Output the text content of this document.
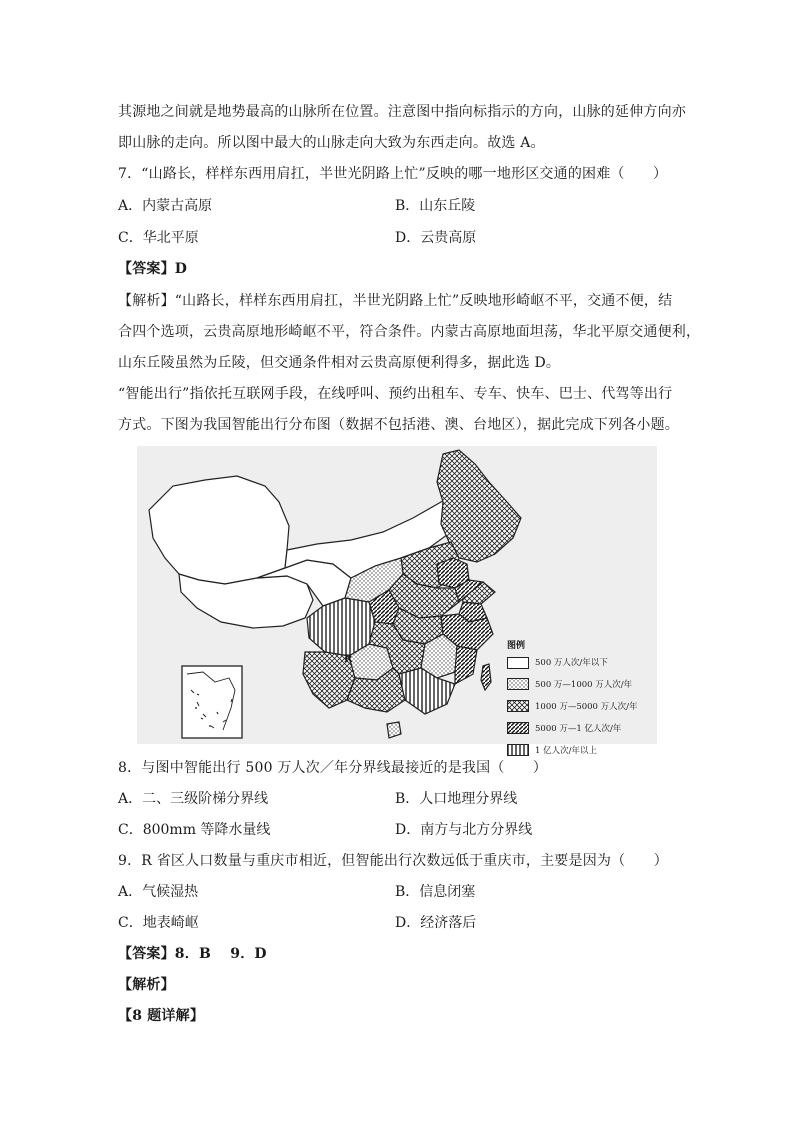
其源地之间就是地势最高的山脉所在位置。注意图中指向标指示的方向，山脉的延伸方向亦
即山脉的走向。所以图中最大的山脉走向大致为东西走向。故选 A。
7．“山路长，样样东西用肩扛，半世光阴路上忙”反映的哪一地形区交通的困难（　　）
A．内蒙古高原	B．山东丘陵
C．华北平原	D．云贵高原
【答案】D
【解析】“山路长，样样东西用肩扛，半世光阴路上忙”反映地形崎岖不平，交通不便，结
合四个选项，云贵高原地形崎岖不平，符合条件。内蒙古高原地面坦荡，华北平原交通便利，
山东丘陵虽然为丘陵，但交通条件相对云贵高原便利得多，据此选 D。
“智能出行”指依托互联网手段，在线呼叫、预约出租车、专车、快车、巴士、代驾等出行
方式。下图为我国智能出行分布图（数据不包括港、澳、台地区），据此完成下列各小题。
R
图例
500 万人次/年以下
500 万—1000 万人次/年
1000 万—5000 万人次/年
5000 万—1 亿人次/年
1 亿人次/年以上
8．与图中智能出行 500 万人次／年分界线最接近的是我国（　　）
A．二、三级阶梯分界线	B．人口地理分界线
C．800mm 等降水量线	D．南方与北方分界线
9．R 省区人口数量与重庆市相近，但智能出行次数远低于重庆市，主要是因为（　　）
A．气候湿热	B．信息闭塞
C．地表崎岖	D．经济落后
【答案】8．B　 9．D
【解析】
【8 题详解】
